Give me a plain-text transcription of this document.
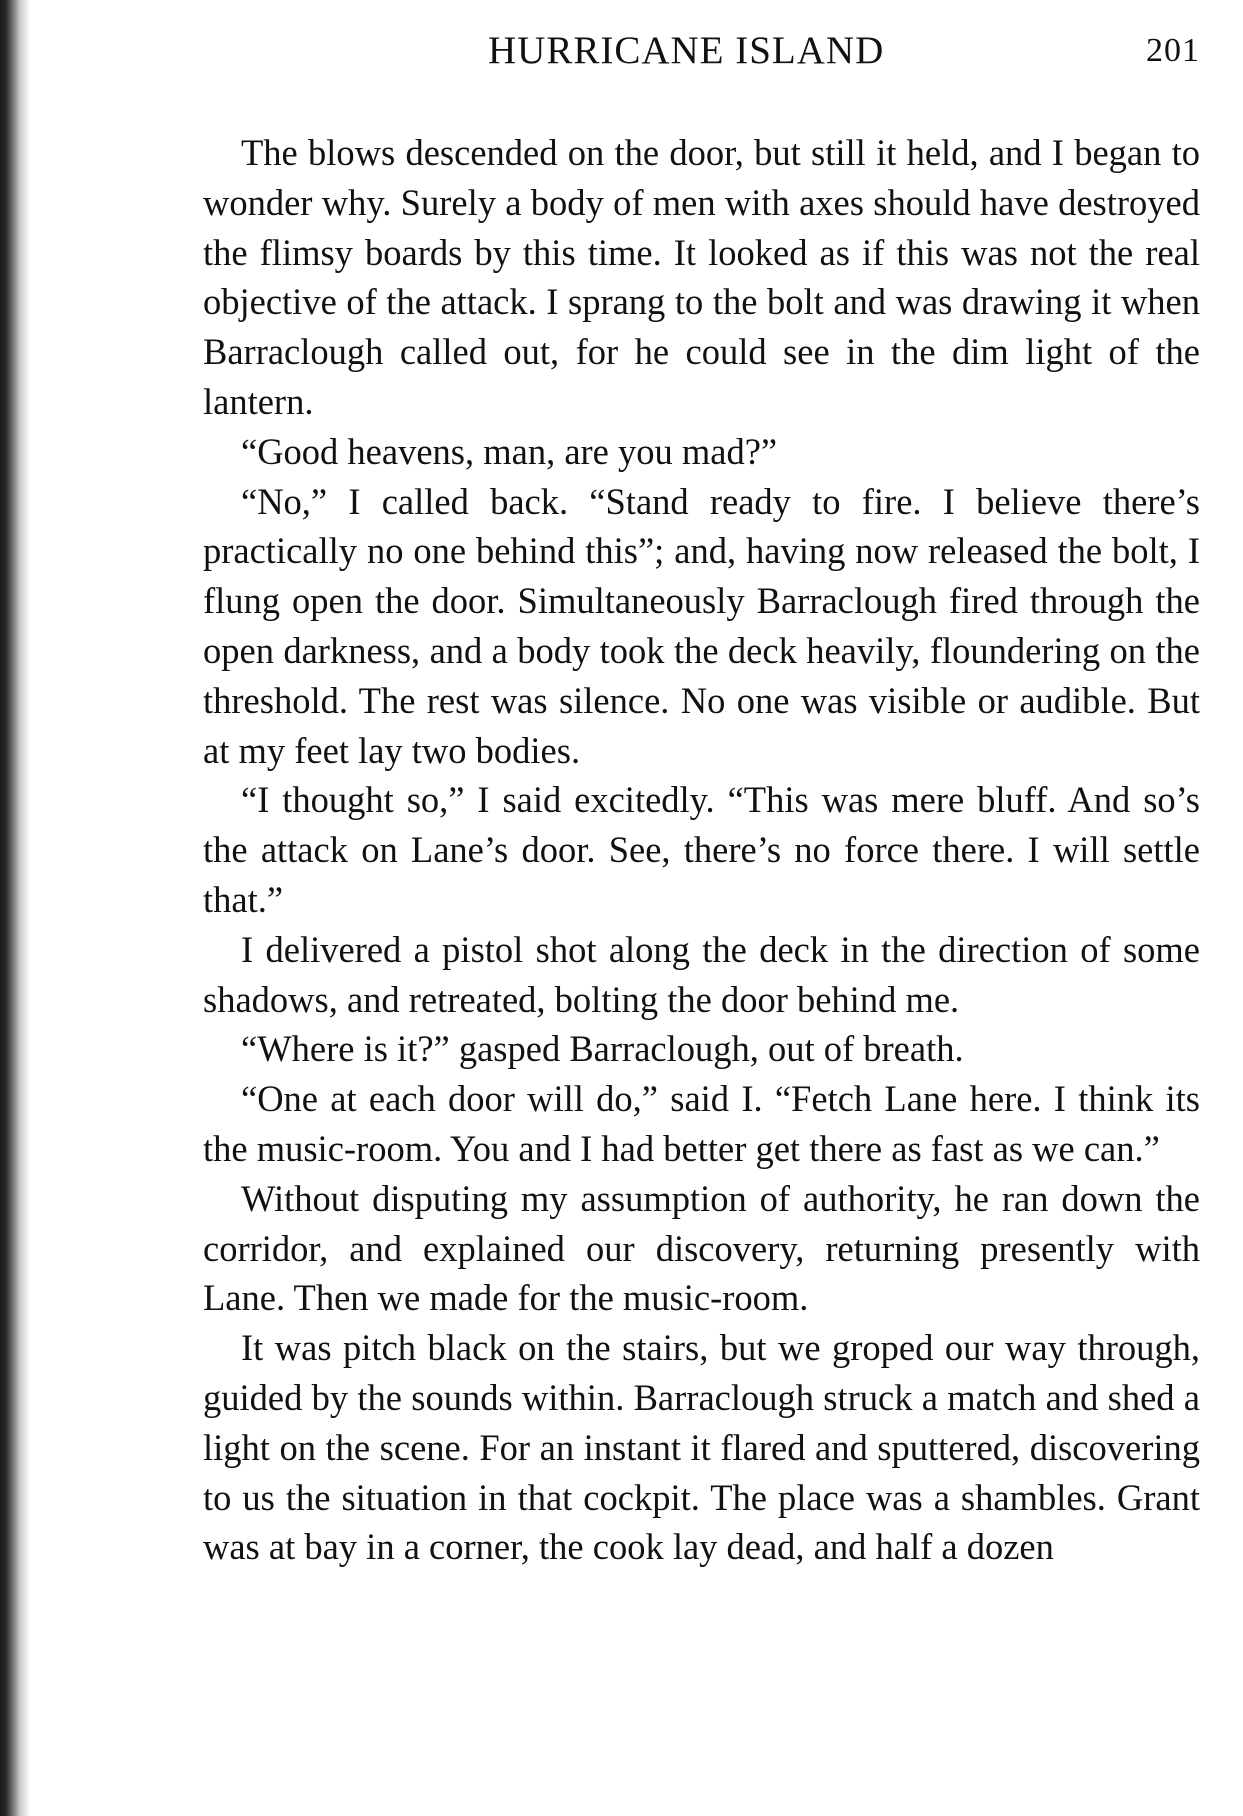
HURRICANE ISLAND	201

The blows descended on the door, but still it held, and I began to wonder why. Surely a body of men with axes should have destroyed the flimsy boards by this time. It looked as if this was not the real objective of the attack. I sprang to the bolt and was drawing it when Barraclough called out, for he could see in the dim light of the lantern.

“Good heavens, man, are you mad?”

“No,” I called back. “Stand ready to fire. I believe there’s practically no one behind this”; and, having now released the bolt, I flung open the door. Simultaneously Barraclough fired through the open darkness, and a body took the deck heavily, floundering on the threshold. The rest was silence. No one was visible or audible. But at my feet lay two bodies.

“I thought so,” I said excitedly. “This was mere bluff. And so’s the attack on Lane’s door. See, there’s no force there. I will settle that.”

I delivered a pistol shot along the deck in the direction of some shadows, and retreated, bolting the door behind me.

“Where is it?” gasped Barraclough, out of breath.

“One at each door will do,” said I. “Fetch Lane here. I think its the music-room. You and I had better get there as fast as we can.”

Without disputing my assumption of authority, he ran down the corridor, and explained our discovery, returning presently with Lane. Then we made for the music-room.

It was pitch black on the stairs, but we groped our way through, guided by the sounds within. Barraclough struck a match and shed a light on the scene. For an instant it flared and sputtered, discovering to us the situation in that cockpit. The place was a shambles. Grant was at bay in a corner, the cook lay dead, and half a dozen
